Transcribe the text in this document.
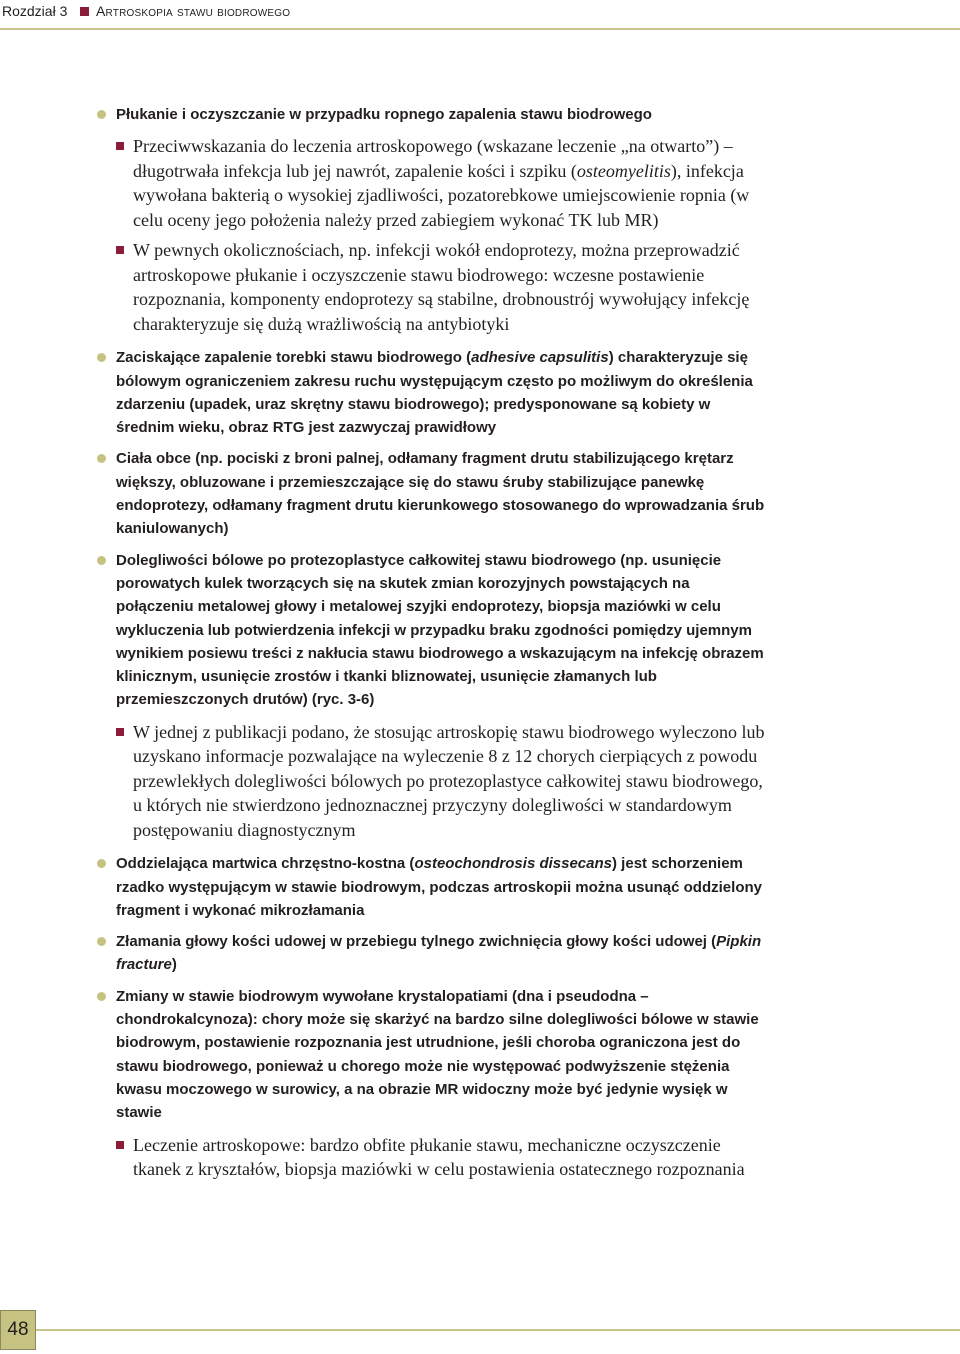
Rozdział 3 Artroskopia stawu biodrowego
Płukanie i oczyszczanie w przypadku ropnego zapalenia stawu biodrowego
Przeciwwskazania do leczenia artroskopowego (wskazane leczenie „na otwarto”) – długotrwała infekcja lub jej nawrót, zapalenie kości i szpiku (osteomyelitis), infekcja wywołana bakterią o wysokiej zjadliwości, pozatorebkowe umiejscowienie ropnia (w celu oceny jego położenia należy przed zabiegiem wykonać TK lub MR)
W pewnych okolicznościach, np. infekcji wokół endoprotezy, można przeprowadzić artroskopowe płukanie i oczyszczenie stawu biodrowego: wczesne postawienie rozpoznania, komponenty endoprotezy są stabilne, drobnoustrój wywołujący infekcję charakteryzuje się dużą wrażliwością na antybiotyki
Zaciskające zapalenie torebki stawu biodrowego (adhesive capsulitis) charakteryzuje się bólowym ograniczeniem zakresu ruchu występującym często po możliwym do określenia zdarzeniu (upadek, uraz skrętny stawu biodrowego); predysponowane są kobiety w średnim wieku, obraz RTG jest zazwyczaj prawidłowy
Ciała obce (np. pociski z broni palnej, odłamany fragment drutu stabilizującego krętarz większy, obluzowane i przemieszczające się do stawu śruby stabilizujące panewkę endoprotezy, odłamany fragment drutu kierunkowego stosowanego do wprowadzania śrub kaniulowanych)
Dolegliwości bólowe po protezoplastyce całkowitej stawu biodrowego (np. usunięcie porowatych kulek tworzących się na skutek zmian korozyjnych powstających na połączeniu metalowej głowy i metalowej szyjki endoprotezy, biopsja maziówki w celu wykluczenia lub potwierdzenia infekcji w przypadku braku zgodności pomiędzy ujemnym wynikiem posiewu treści z nakłucia stawu biodrowego a wskazującym na infekcję obrazem klinicznym, usunięcie zrostów i tkanki bliznowatej, usunięcie złamanych lub przemieszczonych drutów) (ryc. 3-6)
W jednej z publikacji podano, że stosując artroskopię stawu biodrowego wyleczono lub uzyskano informacje pozwalające na wyleczenie 8 z 12 chorych cierpiących z powodu przewlekłych dolegliwości bólowych po protezoplastyce całkowitej stawu biodrowego, u których nie stwierdzono jednoznacznej przyczyny dolegliwości w standardowym postępowaniu diagnostycznym
Oddzielająca martwica chrzęstno-kostna (osteochondrosis dissecans) jest schorzeniem rzadko występującym w stawie biodrowym, podczas artroskopii można usunąć oddzielony fragment i wykonać mikrozłamania
Złamania głowy kości udowej w przebiegu tylnego zwichnięcia głowy kości udowej (Pipkin fracture)
Zmiany w stawie biodrowym wywołane krystalopatiami (dna i pseudodna – chondrokalcynoza): chory może się skarżyć na bardzo silne dolegliwości bólowe w stawie biodrowym, postawienie rozpoznania jest utrudnione, jeśli choroba ograniczona jest do stawu biodrowego, ponieważ u chorego może nie występować podwyższenie stężenia kwasu moczowego w surowicy, a na obrazie MR widoczny może być jedynie wysięk w stawie
Leczenie artroskopowe: bardzo obfite płukanie stawu, mechaniczne oczyszczenie tkanek z kryształów, biopsja maziówki w celu postawienia ostatecznego rozpoznania
48
